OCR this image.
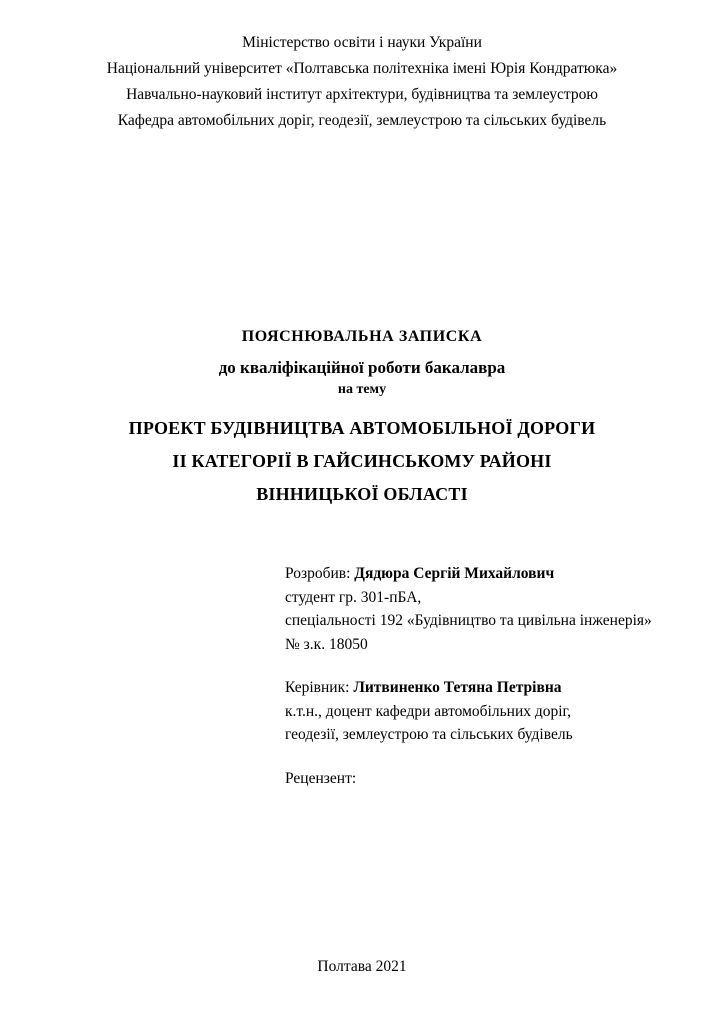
Міністерство освіти і науки України
Національний університет «Полтавська політехніка імені Юрія Кондратюка»
Навчально-науковий інститут архітектури, будівництва та землеустрою
Кафедра автомобільних доріг, геодезії, землеустрою та сільських будівель
ПОЯСНЮВАЛЬНА ЗАПИСКА
до кваліфікаційної роботи бакалавра
на тему
ПРОЕКТ БУДІВНИЦТВА АВТОМОБІЛЬНОЇ ДОРОГИ
ІІ КАТЕГОРІЇ В ГАЙСИНСЬКОМУ РАЙОНІ
ВІННИЦЬКОЇ ОБЛАСТІ
Розробив: Дядюра Сергій Михайлович
студент гр. 301-пБА,
спеціальності 192 «Будівництво та цивільна інженерія»
№ з.к. 18050
Керівник: Литвиненко Тетяна Петрівна
к.т.н., доцент кафедри автомобільних доріг,
геодезії, землеустрою та сільських будівель
Рецензент:
Полтава 2021
